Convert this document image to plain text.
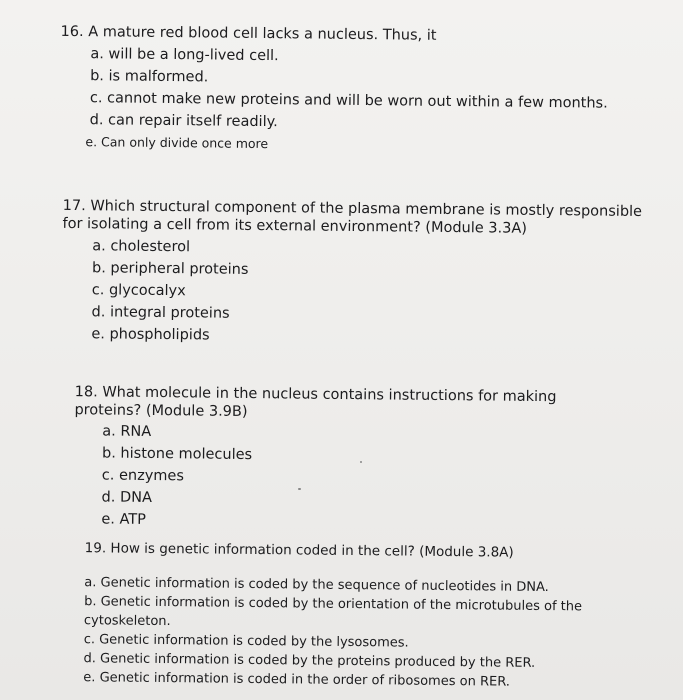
16. A mature red blood cell lacks a nucleus. Thus, it

a. will be a long-lived cell.

b. is malformed.

c. cannot make new proteins and will be worn out within a few months.

d. can repair itself readily.

e. Can only divide once more

17. Which structural component of the plasma membrane is mostly responsible for isolating a cell from its external environment? (Module 3.3A)

a. cholesterol

b. peripheral proteins

c. glycocalyx

d. integral proteins

e. phospholipids

18. What molecule in the nucleus contains instructions for making proteins? (Module 3.9B)

a. RNA

b. histone molecules

c. enzymes

d. DNA

e. ATP

19. How is genetic information coded in the cell? (Module 3.8A)

a. Genetic information is coded by the sequence of nucleotides in DNA.

b. Genetic information is coded by the orientation of the microtubules of the cytoskeleton.

c. Genetic information is coded by the lysosomes.

d. Genetic information is coded by the proteins produced by the RER.

e. Genetic information is coded in the order of ribosomes on RER.
